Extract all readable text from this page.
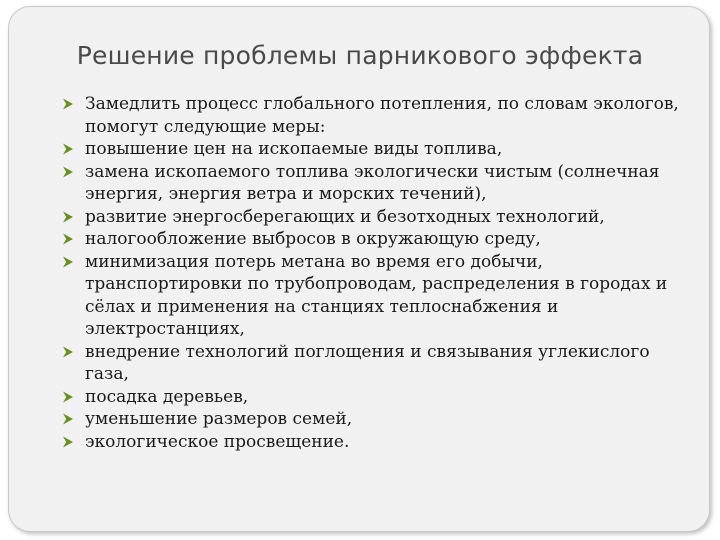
Решение проблемы парникового эффекта
Замедлить процесс глобального потепления, по словам экологов, помогут следующие меры:
повышение цен на ископаемые виды топлива,
замена ископаемого топлива экологически чистым (солнечная энергия, энергия ветра и морских течений),
развитие энергосберегающих и безотходных технологий,
налогообложение выбросов в окружающую среду,
минимизация потерь метана во время его добычи, транспортировки по трубопроводам, распределения в городах и сёлах и применения на станциях теплоснабжения и электростанциях,
внедрение технологий поглощения и связывания углекислого газа,
посадка деревьев,
уменьшение размеров семей,
экологическое просвещение.
